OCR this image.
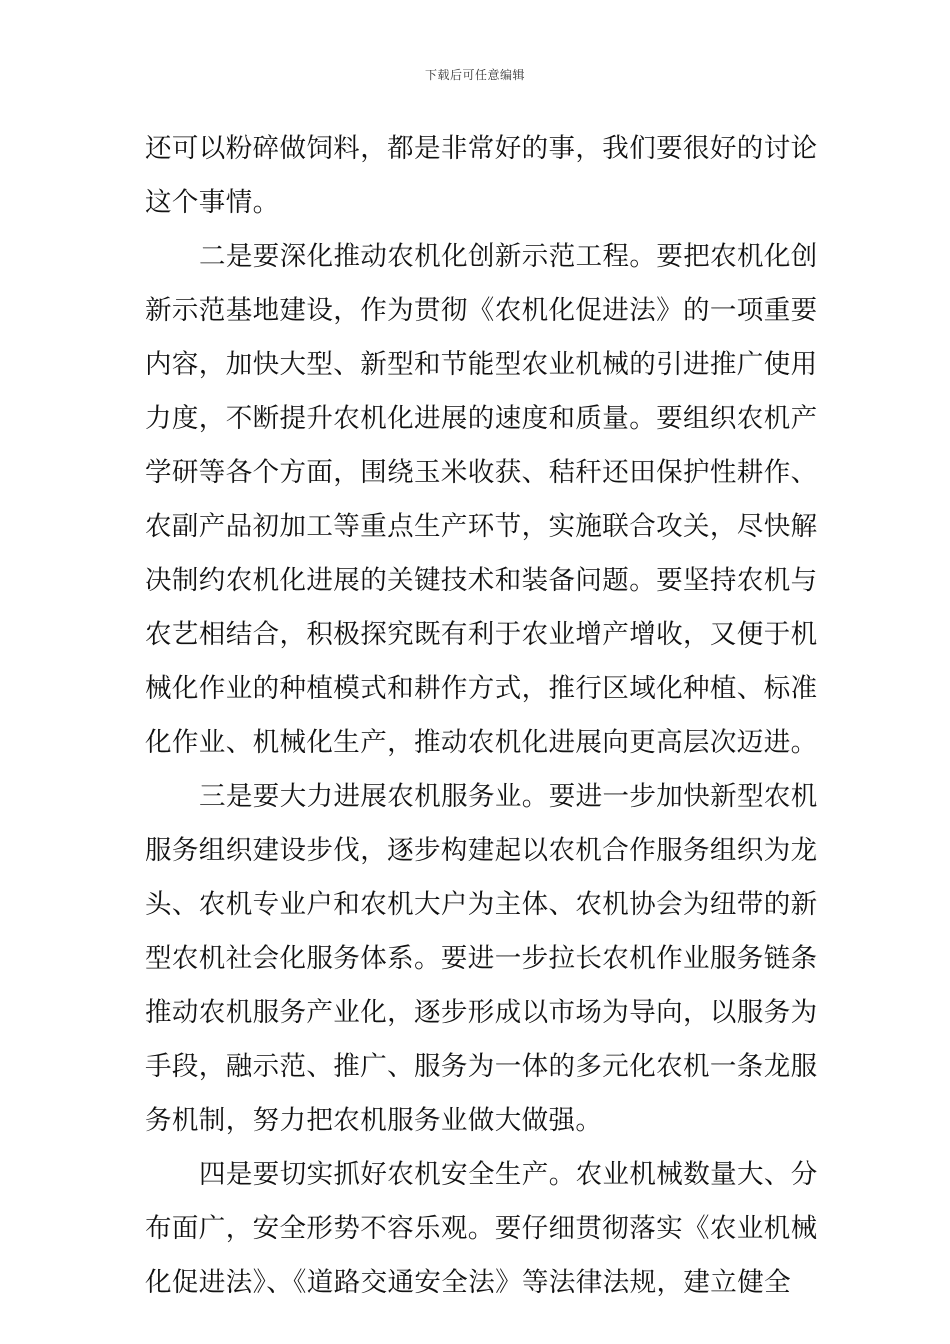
下载后可任意编辑
还可以粉碎做饲料，都是非常好的事，我们要很好的讨论
这个事情。
二是要深化推动农机化创新示范工程。要把农机化创
新示范基地建设，作为贯彻《农机化促进法》的一项重要
内容，加快大型、新型和节能型农业机械的引进推广使用
力度，不断提升农机化进展的速度和质量。要组织农机产
学研等各个方面，围绕玉米收获、秸秆还田保护性耕作、
农副产品初加工等重点生产环节，实施联合攻关，尽快解
决制约农机化进展的关键技术和装备问题。要坚持农机与
农艺相结合，积极探究既有利于农业增产增收，又便于机
械化作业的种植模式和耕作方式，推行区域化种植、标准
化作业、机械化生产，推动农机化进展向更高层次迈进。
三是要大力进展农机服务业。要进一步加快新型农机
服务组织建设步伐，逐步构建起以农机合作服务组织为龙
头、农机专业户和农机大户为主体、农机协会为纽带的新
型农机社会化服务体系。要进一步拉长农机作业服务链条
推动农机服务产业化，逐步形成以市场为导向，以服务为
手段，融示范、推广、服务为一体的多元化农机一条龙服
务机制，努力把农机服务业做大做强。
四是要切实抓好农机安全生产。农业机械数量大、分
布面广，安全形势不容乐观。要仔细贯彻落实《农业机械
化促进法》、《道路交通安全法》等法律法规，建立健全
